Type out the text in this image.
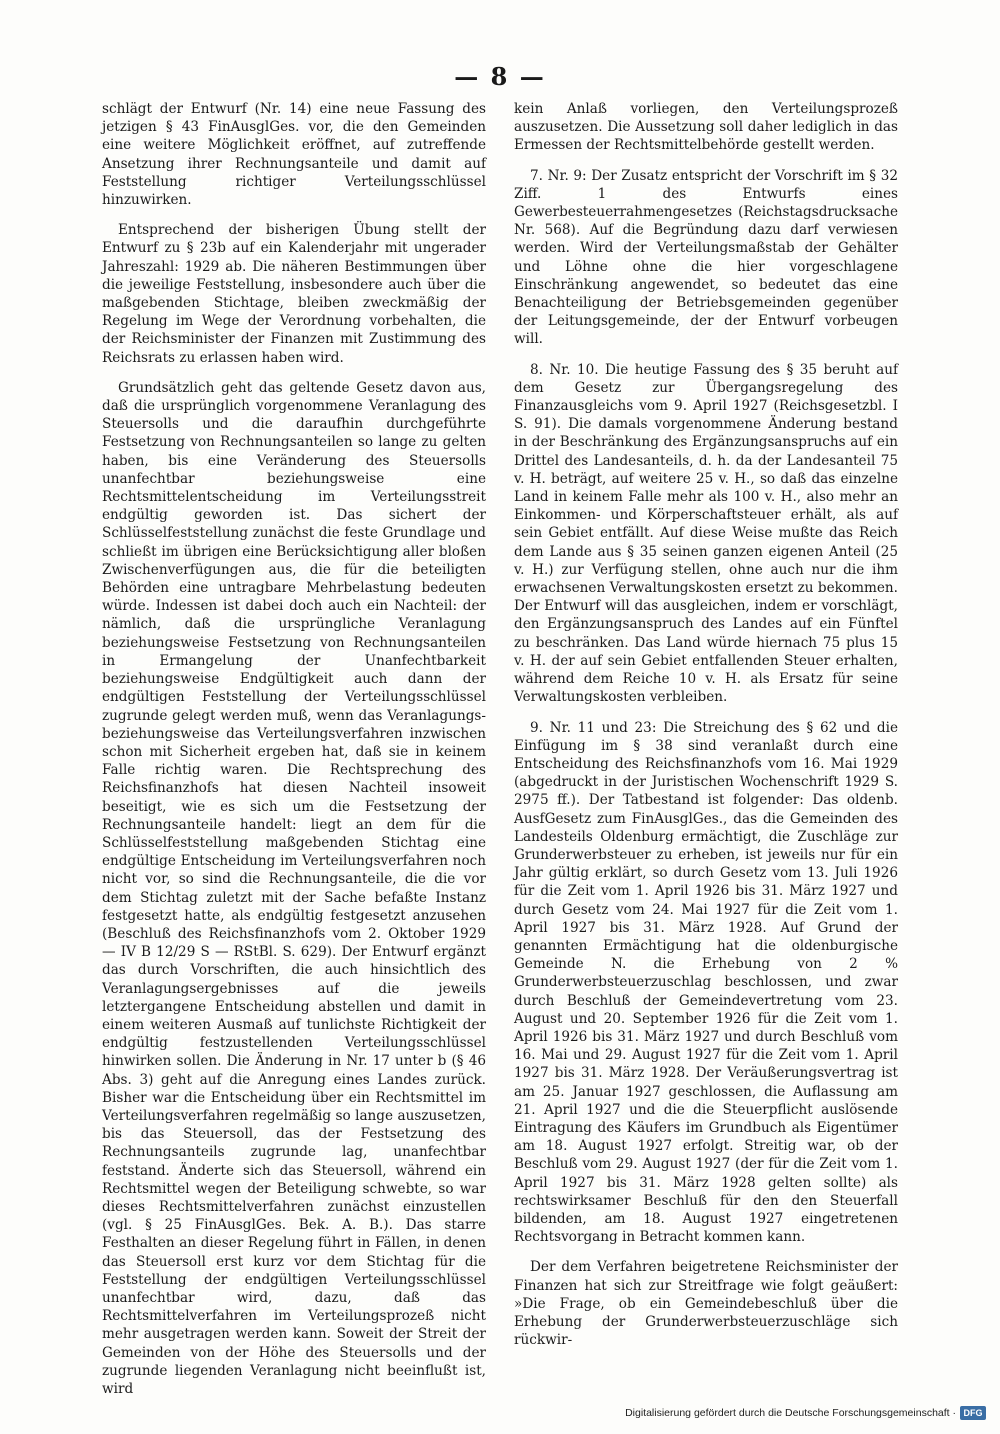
— 8 —

schlägt der Entwurf (Nr. 14) eine neue Fassung des jetzigen § 43 FinAusglGes. vor, die den Gemeinden eine weitere Möglichkeit eröffnet, auf zutreffende Ansetzung ihrer Rechnungsanteile und damit auf Feststellung richtiger Verteilungsschlüssel hinzuwirken.

Entsprechend der bisherigen Übung stellt der Entwurf zu § 23b auf ein Kalenderjahr mit ungerader Jahreszahl: 1929 ab. Die näheren Bestimmungen über die jeweilige Feststellung, insbesondere auch über die maßgebenden Stichtage, bleiben zweckmäßig der Regelung im Wege der Verordnung vorbehalten, die der Reichsminister der Finanzen mit Zustimmung des Reichsrats zu erlassen haben wird.

Grundsätzlich geht das geltende Gesetz davon aus, daß die ursprünglich vorgenommene Veranlagung des Steuersolls und die daraufhin durchgeführte Festsetzung von Rechnungsanteilen so lange zu gelten haben, bis eine Veränderung des Steuersolls unanfechtbar beziehungsweise eine Rechtsmittelentscheidung im Verteilungsstreit endgültig geworden ist. Das sichert der Schlüsselfeststellung zunächst die feste Grundlage und schließt im übrigen eine Berücksichtigung aller bloßen Zwischenverfügungen aus, die für die beteiligten Behörden eine untragbare Mehrbelastung bedeuten würde. Indessen ist dabei doch auch ein Nachteil: der nämlich, daß die ursprüngliche Veranlagung beziehungsweise Festsetzung von Rechnungsanteilen in Ermangelung der Unanfechtbarkeit beziehungsweise Endgültigkeit auch dann der endgültigen Feststellung der Verteilungsschlüssel zugrunde gelegt werden muß, wenn das Veranlagungs- beziehungsweise das Verteilungsverfahren inzwischen schon mit Sicherheit ergeben hat, daß sie in keinem Falle richtig waren. Die Rechtsprechung des Reichsfinanzhofs hat diesen Nachteil insoweit beseitigt, wie es sich um die Festsetzung der Rechnungsanteile handelt: liegt an dem für die Schlüsselfeststellung maßgebenden Stichtag eine endgültige Entscheidung im Verteilungsverfahren noch nicht vor, so sind die Rechnungsanteile, die die vor dem Stichtag zuletzt mit der Sache befaßte Instanz festgesetzt hatte, als endgültig festgesetzt anzusehen (Beschluß des Reichsfinanzhofs vom 2. Oktober 1929 — IV B 12/29 S — RStBl. S. 629). Der Entwurf ergänzt das durch Vorschriften, die auch hinsichtlich des Veranlagungsergebnisses auf die jeweils letztergangene Entscheidung abstellen und damit in einem weiteren Ausmaß auf tunlichste Richtigkeit der endgültig festzustellenden Verteilungsschlüssel hinwirken sollen. Die Änderung in Nr. 17 unter b (§ 46 Abs. 3) geht auf die Anregung eines Landes zurück. Bisher war die Entscheidung über ein Rechtsmittel im Verteilungsverfahren regelmäßig so lange auszusetzen, bis das Steuersoll, das der Festsetzung des Rechnungsanteils zugrunde lag, unanfechtbar feststand. Änderte sich das Steuersoll, während ein Rechtsmittel wegen der Beteiligung schwebte, so war dieses Rechtsmittelverfahren zunächst einzustellen (vgl. § 25 FinAusglGes. Bek. A. B.). Das starre Festhalten an dieser Regelung führt in Fällen, in denen das Steuersoll erst kurz vor dem Stichtag für die Feststellung der endgültigen Verteilungsschlüssel unanfechtbar wird, dazu, daß das Rechtsmittelverfahren im Verteilungsprozeß nicht mehr ausgetragen werden kann. Soweit der Streit der Gemeinden von der Höhe des Steuersolls und der zugrunde liegenden Veranlagung nicht beeinflußt ist, wird

kein Anlaß vorliegen, den Verteilungsprozeß auszusetzen. Die Aussetzung soll daher lediglich in das Ermessen der Rechtsmittelbehörde gestellt werden.

7. Nr. 9: Der Zusatz entspricht der Vorschrift im § 32 Ziff. 1 des Entwurfs eines Gewerbesteuerrahmengesetzes (Reichstagsdrucksache Nr. 568). Auf die Begründung dazu darf verwiesen werden. Wird der Verteilungsmaßstab der Gehälter und Löhne ohne die hier vorgeschlagene Einschränkung angewendet, so bedeutet das eine Benachteiligung der Betriebsgemeinden gegenüber der Leitungsgemeinde, der der Entwurf vorbeugen will.

8. Nr. 10. Die heutige Fassung des § 35 beruht auf dem Gesetz zur Übergangsregelung des Finanzausgleichs vom 9. April 1927 (Reichsgesetzbl. I S. 91). Die damals vorgenommene Änderung bestand in der Beschränkung des Ergänzungsanspruchs auf ein Drittel des Landesanteils, d. h. da der Landesanteil 75 v. H. beträgt, auf weitere 25 v. H., so daß das einzelne Land in keinem Falle mehr als 100 v. H., also mehr an Einkommen- und Körperschaftsteuer erhält, als auf sein Gebiet entfällt. Auf diese Weise mußte das Reich dem Lande aus § 35 seinen ganzen eigenen Anteil (25 v. H.) zur Verfügung stellen, ohne auch nur die ihm erwachsenen Verwaltungskosten ersetzt zu bekommen. Der Entwurf will das ausgleichen, indem er vorschlägt, den Ergänzungsanspruch des Landes auf ein Fünftel zu beschränken. Das Land würde hiernach 75 plus 15 v. H. der auf sein Gebiet entfallenden Steuer erhalten, während dem Reiche 10 v. H. als Ersatz für seine Verwaltungskosten verbleiben.

9. Nr. 11 und 23: Die Streichung des § 62 und die Einfügung im § 38 sind veranlaßt durch eine Entscheidung des Reichsfinanzhofs vom 16. Mai 1929 (abgedruckt in der Juristischen Wochenschrift 1929 S. 2975 ff.). Der Tatbestand ist folgender: Das oldenb. AusfGesetz zum FinAusglGes., das die Gemeinden des Landesteils Oldenburg ermächtigt, die Zuschläge zur Grunderwerbsteuer zu erheben, ist jeweils nur für ein Jahr gültig erklärt, so durch Gesetz vom 13. Juli 1926 für die Zeit vom 1. April 1926 bis 31. März 1927 und durch Gesetz vom 24. Mai 1927 für die Zeit vom 1. April 1927 bis 31. März 1928. Auf Grund der genannten Ermächtigung hat die oldenburgische Gemeinde N. die Erhebung von 2 % Grunderwerbsteuerzuschlag beschlossen, und zwar durch Beschluß der Gemeindevertretung vom 23. August und 20. September 1926 für die Zeit vom 1. April 1926 bis 31. März 1927 und durch Beschluß vom 16. Mai und 29. August 1927 für die Zeit vom 1. April 1927 bis 31. März 1928. Der Veräußerungsvertrag ist am 25. Januar 1927 geschlossen, die Auflassung am 21. April 1927 und die die Steuerpflicht auslösende Eintragung des Käufers im Grundbuch als Eigentümer am 18. August 1927 erfolgt. Streitig war, ob der Beschluß vom 29. August 1927 (der für die Zeit vom 1. April 1927 bis 31. März 1928 gelten sollte) als rechtswirksamer Beschluß für den den Steuerfall bildenden, am 18. August 1927 eingetretenen Rechtsvorgang in Betracht kommen kann.

Der dem Verfahren beigetretene Reichsminister der Finanzen hat sich zur Streitfrage wie folgt geäußert: »Die Frage, ob ein Gemeindebeschluß über die Erhebung der Grunderwerbsteuerzuschläge sich rückwir-

Digitalisierung gefördert durch die Deutsche Forschungsgemeinschaft · DFG
